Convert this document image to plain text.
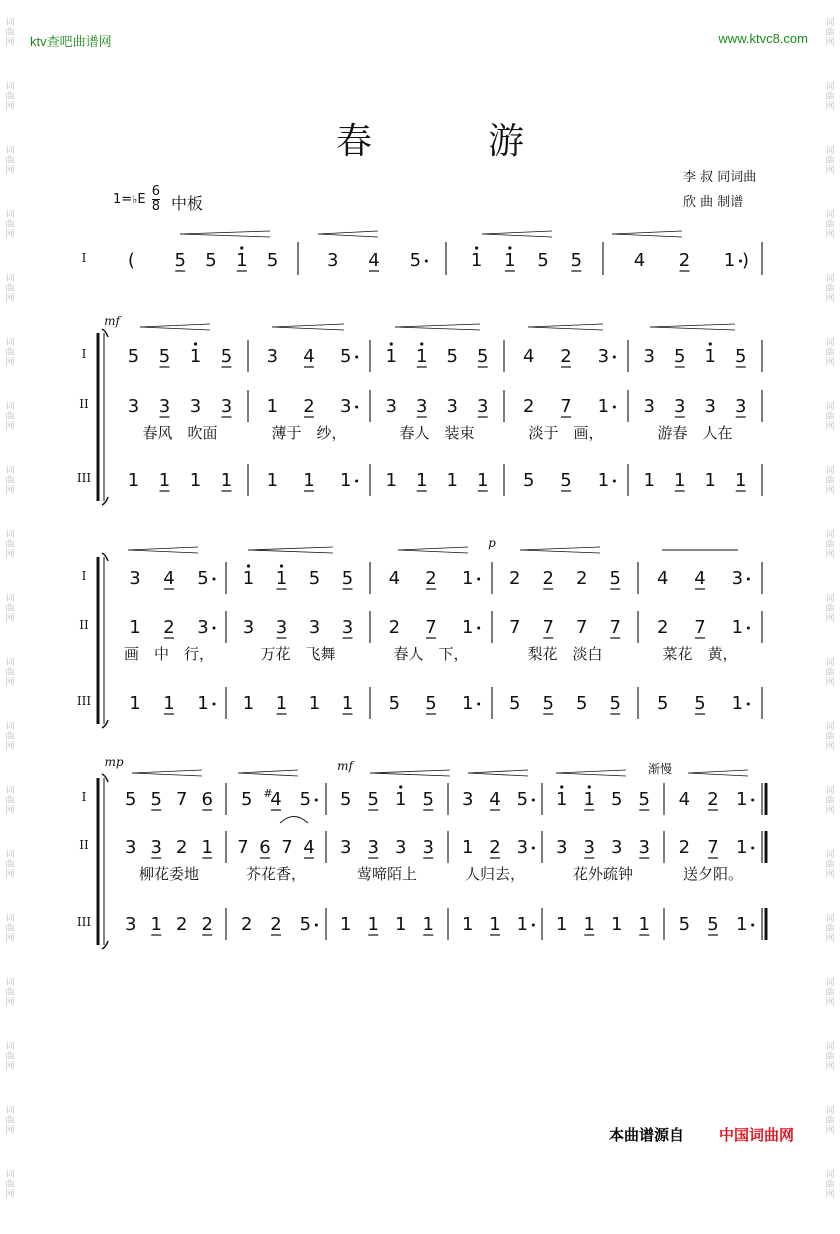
ktv查吧曲谱网	www.ktvc8.com
春　游
李 叔 同词曲
欣 曲 制谱
1=♭E $\frac{6}{8}$ 中板
I ( 5 5 1 5	3 4 5	1 1 5 5	4 2 1 )
I 5 5 1 5 3 4 5 1 1 5 5 4 2 3 3 5 1 5
II 3 3 3 3 1 2 3 3 3 3 3 2 7 1 3 3 3 3
III 1 1 1 1 1 1 1 1 1 1 1 5 5 1 1 1 1 1
春风　吹面	薄于　纱，	春人　装束	淡于　画，	游春　人在
mf
I 3 4 5 1 1 5 5 4 2 1 2 2 2 5 4 4 3
II 1 2 3 3 3 3 3 2 7 1 7 7 7 7 2 7 1
III 1 1 1 1 1 1 1 5 5 1 5 5 5 5 5 5 1
画　中　行，	万花　飞舞	春人　下，	梨花　淡白	菜花　黄，
p
I 5 5 7 6 5 4
# 5 5 5 1 5 3 4 5 1 1 5 5 4 2 1
II 3 3 2 1 7 6 7 4 3 3 3 3 1 2 3 3 3 3 3 2 7 1
III 3 1 2 2 2 2 5 1 1 1 1 1 1 1 1 1 1 1 5 5 1
柳花委地	芥花香，	莺啼陌上	人归去，	花外疏钟	送夕阳。
mp	mf	渐慢
本曲谱源自 中国词曲网
词
曲
网
词
曲
网
词
曲
网
词
曲
网
词
曲
网
词
曲
网
词
曲
网
词
曲
网
词
曲
网
词
曲
网
词
曲
网
词
曲
网
词
曲
网
词
曲
网
词
曲
网
词
曲
网
词
曲
网
词
曲
网
词
曲
网
词
曲
网
词
曲
网
词
曲
网
词
曲
网
词
曲
网
词
曲
网
词
曲
网
词
曲
网
词
曲
网
词
曲
网
词
曲
网
词
曲
网
词
曲
网
词
曲
网
词
曲
网
词
曲
网
词
曲
网
词
曲
网
词
曲
网
